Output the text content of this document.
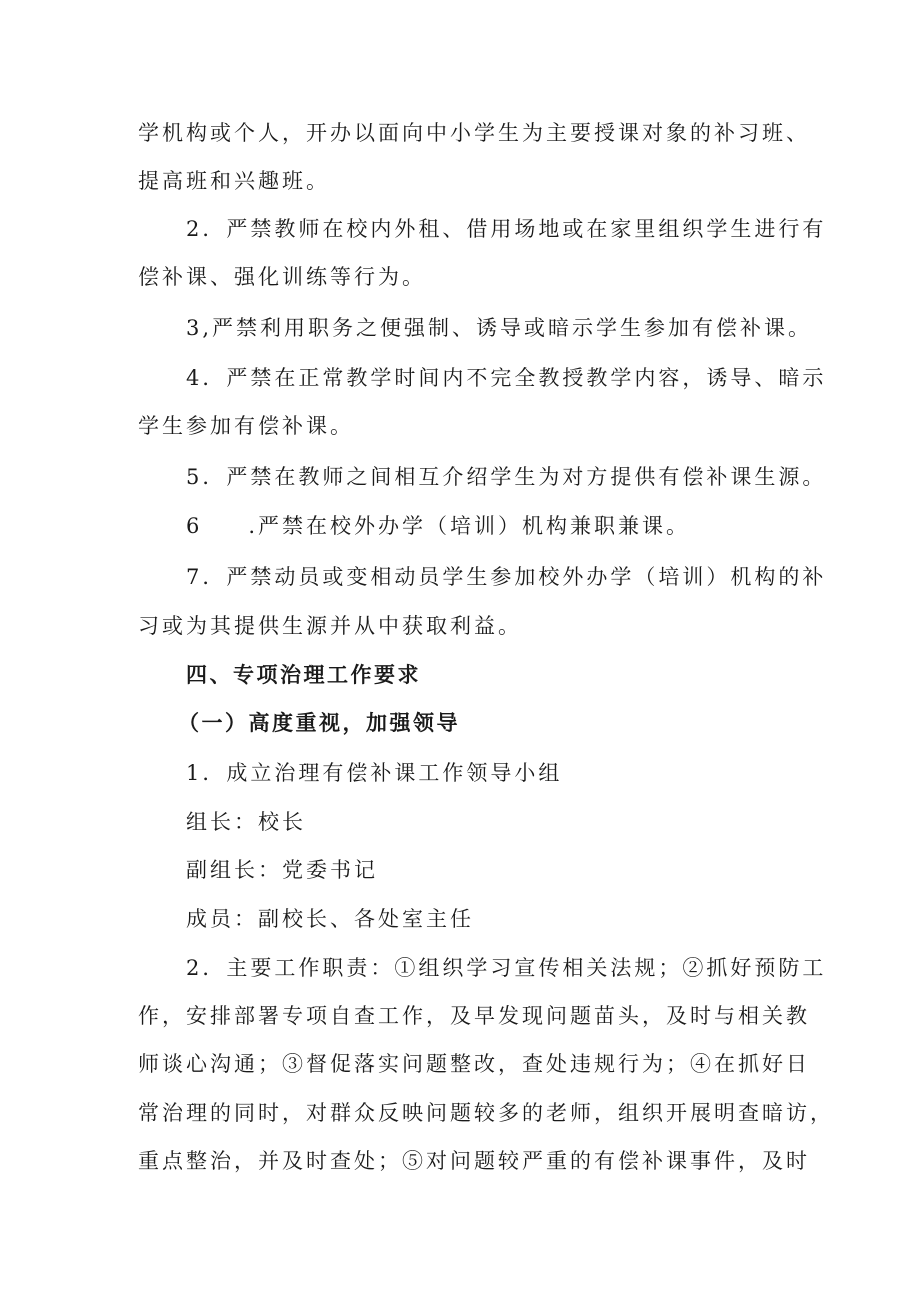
学机构或个人，开办以面向中小学生为主要授课对象的补习班、
提高班和兴趣班。
2．严禁教师在校内外租、借用场地或在家里组织学生进行有
偿补课、强化训练等行为。
3,严禁利用职务之便强制、诱导或暗示学生参加有偿补课。
4．严禁在正常教学时间内不完全教授教学内容，诱导、暗示
学生参加有偿补课。
5．严禁在教师之间相互介绍学生为对方提供有偿补课生源。
6 .严禁在校外办学（培训）机构兼职兼课。
7．严禁动员或变相动员学生参加校外办学（培训）机构的补
习或为其提供生源并从中获取利益。
四、专项治理工作要求
（一）高度重视，加强领导
1．成立治理有偿补课工作领导小组
组长：校长
副组长：党委书记
成员：副校长、各处室主任
2．主要工作职责：①组织学习宣传相关法规；②抓好预防工
作，安排部署专项自查工作，及早发现问题苗头，及时与相关教
师谈心沟通；③督促落实问题整改，查处违规行为；④在抓好日
常治理的同时，对群众反映问题较多的老师，组织开展明查暗访，
重点整治，并及时查处；⑤对问题较严重的有偿补课事件，及时
